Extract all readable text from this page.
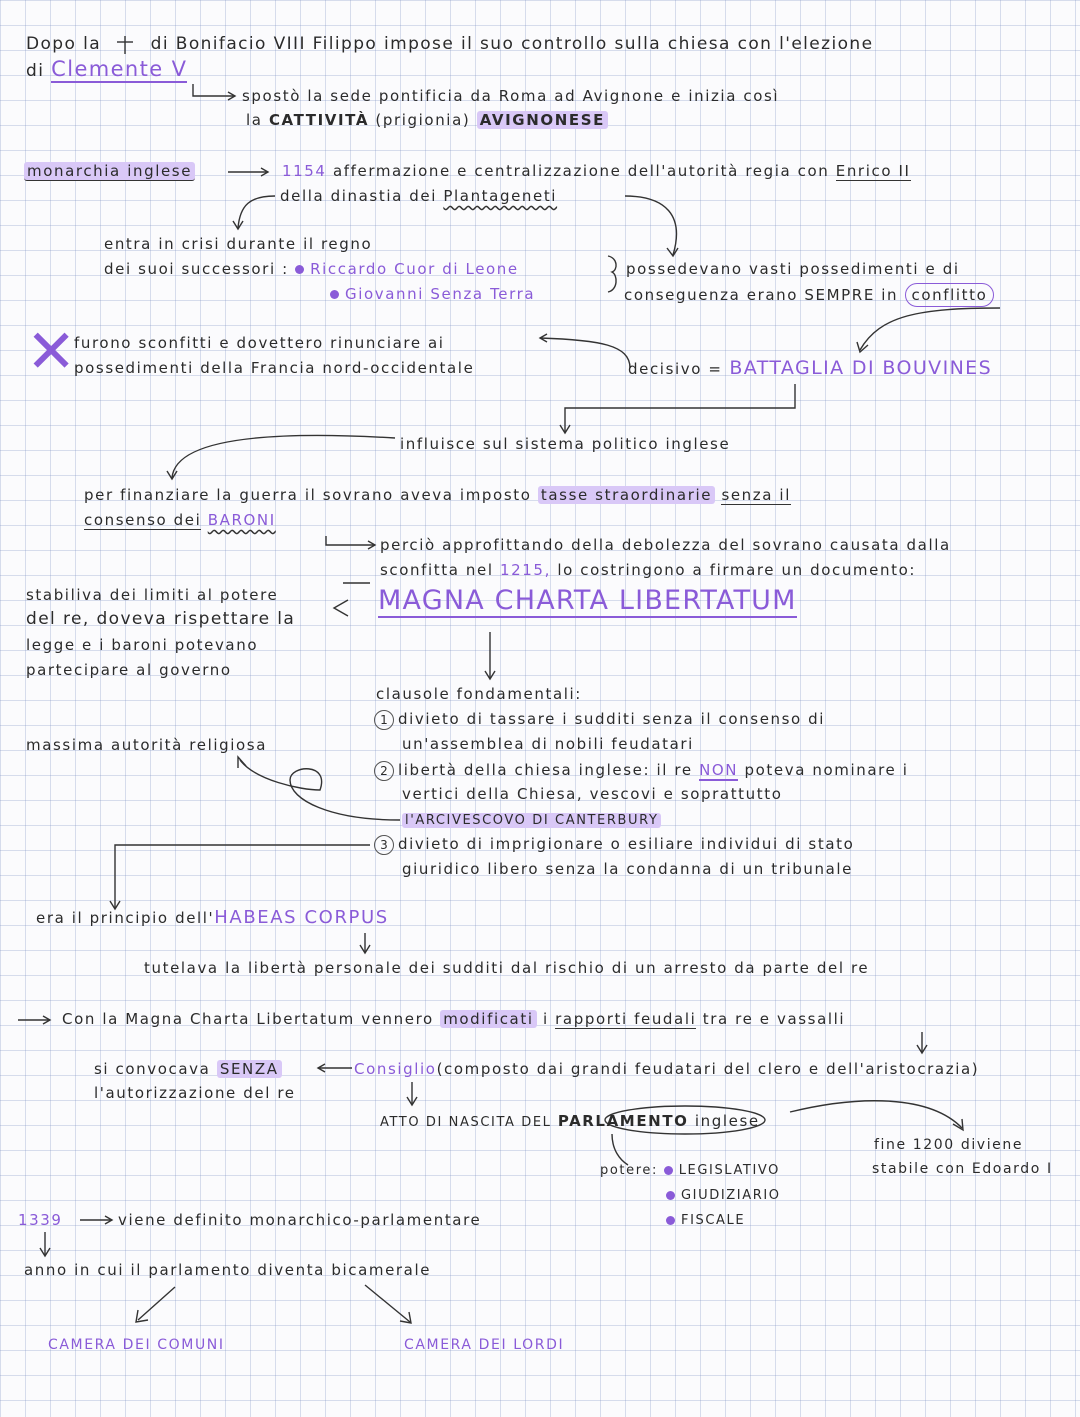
✕
Dopo la	di Bonifacio VIII Filippo impose il suo controllo sulla chiesa con l'elezione
di Clemente V
spostò la sede pontificia da Roma ad Avignone e inizia così
la CATTIVITÀ (prigionia) AVIGNONESE
monarchia inglese	1154 affermazione e centralizzazione dell'autorità regia con Enrico II
della dinastia dei Plantageneti
entra in crisi durante il regno
dei suoi successori : Riccardo Cuor di Leone
Giovanni Senza Terra
possedevano vasti possedimenti e di
conseguenza erano SEMPRE in conflitto
furono sconfitti e dovettero rinunciare ai
possedimenti della Francia nord-occidentale	decisivo = BATTAGLIA DI BOUVINES
influisce sul sistema politico inglese
per finanziare la guerra il sovrano aveva imposto tasse straordinarie senza il
consenso dei BARONI
perciò approfittando della debolezza del sovrano causata dalla
sconfitta nel 1215, lo costringono a firmare un documento:
MAGNA CHARTA LIBERTATUM
stabiliva dei limiti al potere
del re, doveva rispettare la
legge e i baroni potevano
partecipare al governo
clausole fondamentali:
1 divieto di tassare i sudditi senza il consenso di
un'assemblea di nobili feudatari
2 libertà della chiesa inglese: il re NON poteva nominare i
vertici della Chiesa, vescovi e soprattutto
l'ARCIVESCOVO DI CANTERBURY
3 divieto di imprigionare o esiliare individui di stato
giuridico libero senza la condanna di un tribunale
massima autorità religiosa
era il principio dell'HABEAS CORPUS
tutelava la libertà personale dei sudditi dal rischio di un arresto da parte del re
Con la Magna Charta Libertatum vennero modificati i rapporti feudali tra re e vassalli
si convocava SENZA
l'autorizzazione del re
Consiglio(composto dai grandi feudatari del clero e dell'aristocrazia)
ATTO DI NASCITA DEL PARLAMENTO inglese
fine 1200 diviene
stabile con Edoardo I
potere: LEGISLATIVO
GIUDIZIARIO
FISCALE
1339	viene definito monarchico-parlamentare
anno in cui il parlamento diventa bicamerale
CAMERA DEI COMUNI	CAMERA DEI LORDI
